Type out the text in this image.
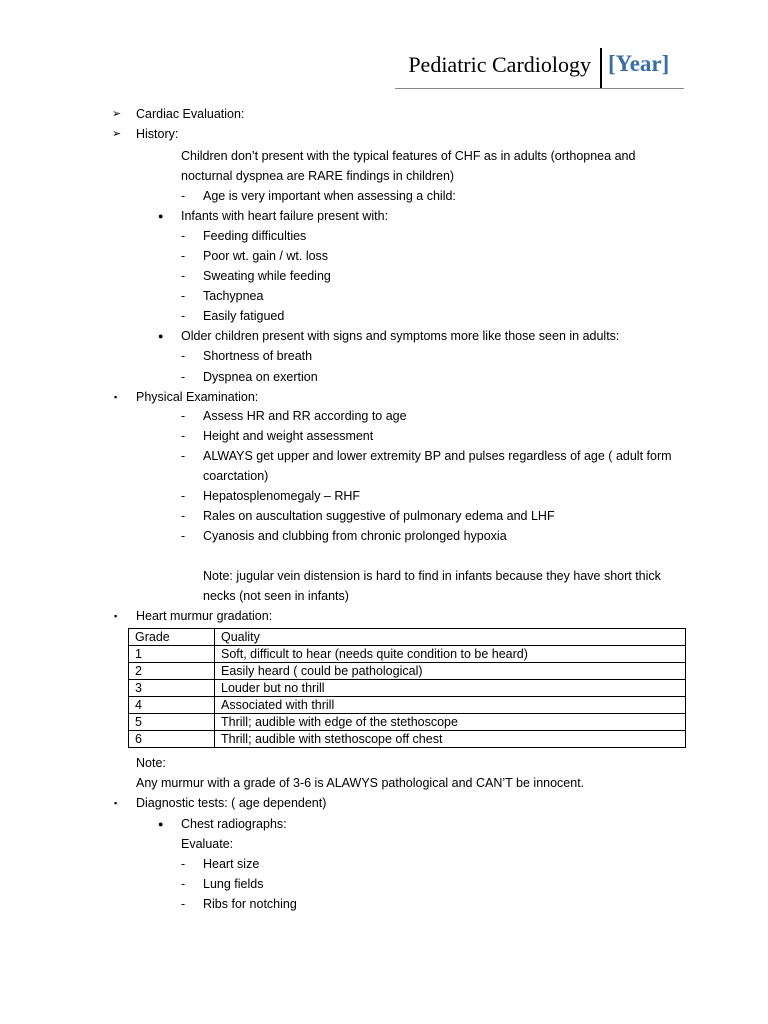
Pediatric Cardiology [Year]
➢ Cardiac Evaluation:
➢ History:
Children don’t present with the typical features of CHF as in adults (orthopnea and
nocturnal dyspnea are RARE findings in children)
- Age is very important when assessing a child:
● Infants with heart failure present with:
- Feeding difficulties
- Poor wt. gain / wt. loss
- Sweating while feeding
- Tachypnea
- Easily fatigued
● Older children present with signs and symptoms more like those seen in adults:
- Shortness of breath
- Dyspnea on exertion
▪ Physical Examination:
- Assess HR and RR according to age
- Height and weight assessment
- ALWAYS get upper and lower extremity BP and pulses regardless of age ( adult form
coarctation)
- Hepatosplenomegaly – RHF
- Rales on auscultation suggestive of pulmonary edema and LHF
- Cyanosis and clubbing from chronic prolonged hypoxia
Note: jugular vein distension is hard to find in infants because they have short thick
necks (not seen in infants)
▪ Heart murmur gradation:
Grade	Quality
1	Soft, difficult to hear (needs quite condition to be heard)
2	Easily heard ( could be pathological)
3	Louder but no thrill
4	Associated with thrill
5	Thrill; audible with edge of the stethoscope
6	Thrill; audible with stethoscope off chest
Note:
Any murmur with a grade of 3-6 is ALAWYS pathological and CAN’T be innocent.
▪ Diagnostic tests: ( age dependent)
● Chest radiographs:
Evaluate:
- Heart size
- Lung fields
- Ribs for notching
